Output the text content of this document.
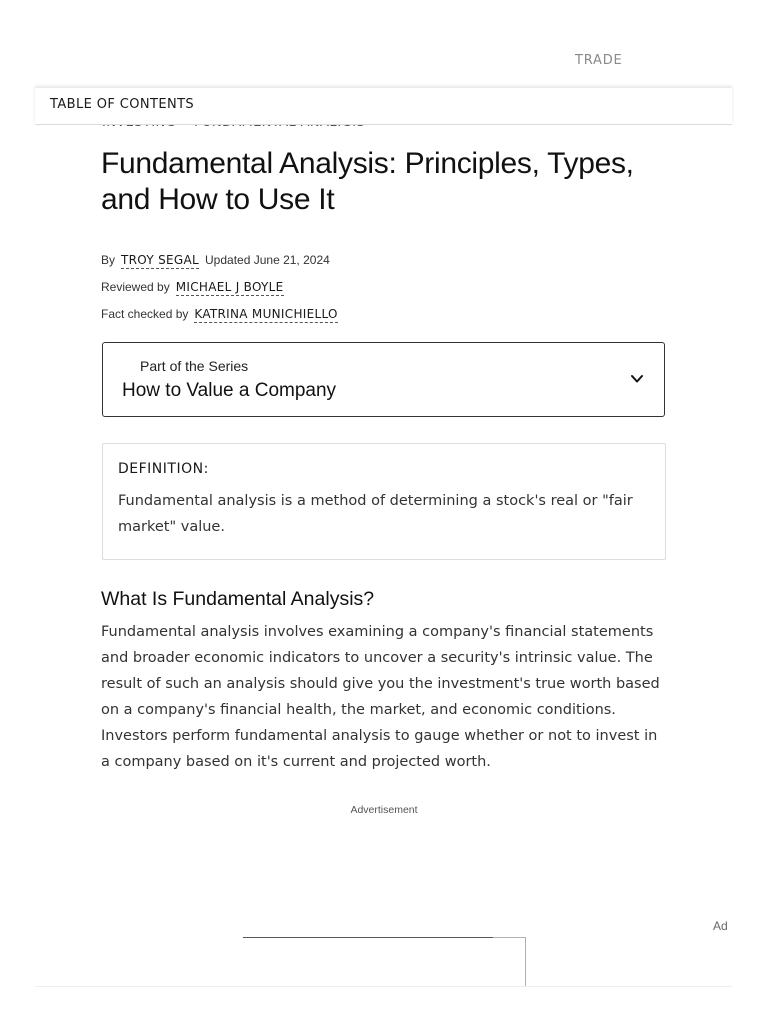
TRADE
TABLE OF CONTENTS
Fundamental Analysis: Principles, Types, and How to Use It
By TROY SEGAL Updated June 21, 2024
Reviewed by MICHAEL J BOYLE
Fact checked by KATRINA MUNICHIELLO
Part of the Series
How to Value a Company
DEFINITION:
Fundamental analysis is a method of determining a stock's real or "fair market" value.
What Is Fundamental Analysis?

Fundamental analysis involves examining a company's financial statements and broader economic indicators to uncover a security's intrinsic value. The result of such an analysis should give you the investment's true worth based on a company's financial health, the market, and economic conditions. Investors perform fundamental analysis to gauge whether or not to invest in a company based on it's current and projected worth.

Advertisement
Ad
